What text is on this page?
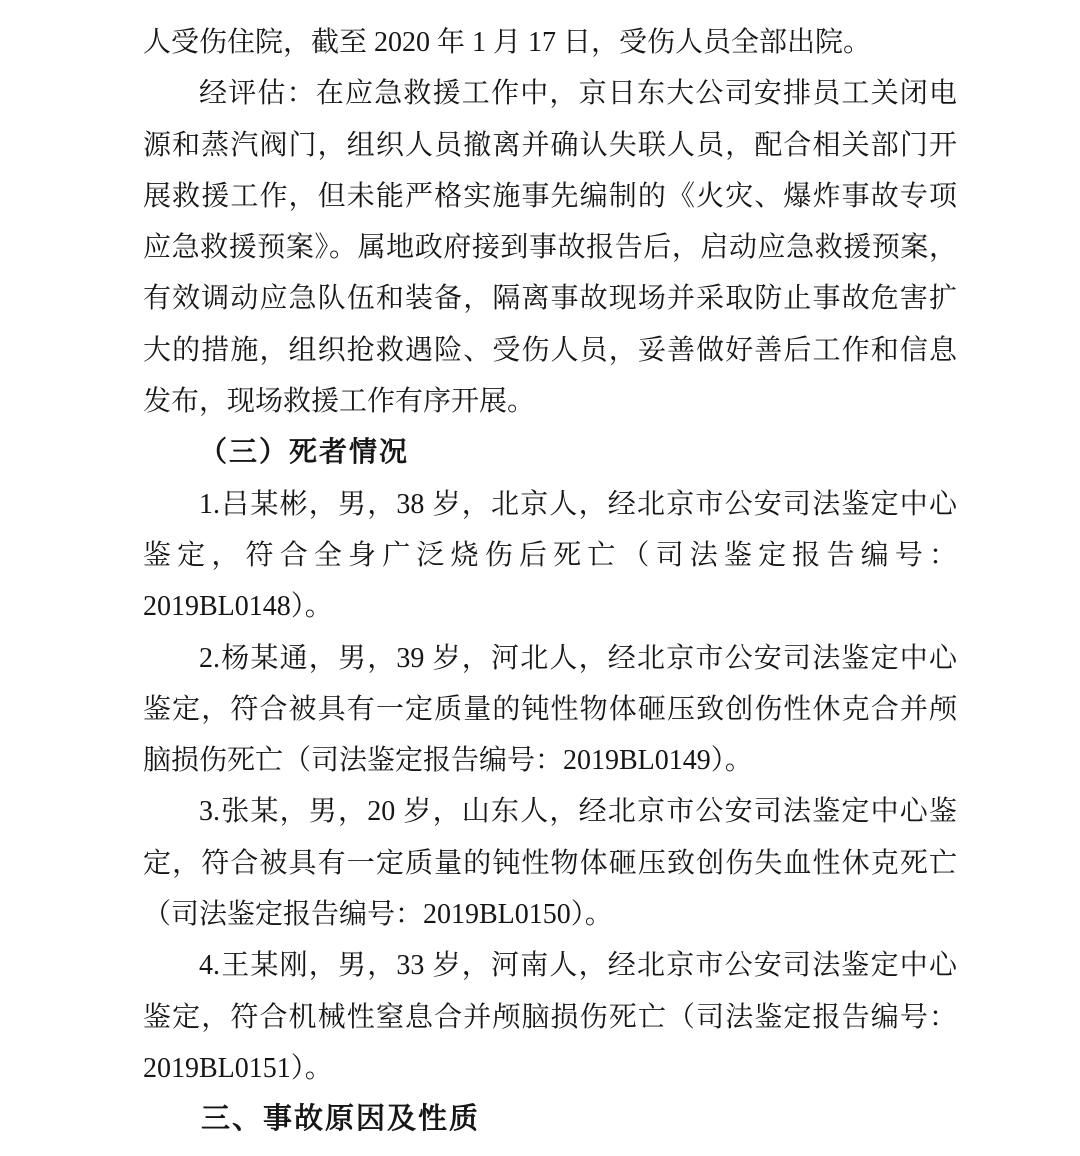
人受伤住院，截至 2020 年 1 月 17 日，受伤人员全部出院。
经评估：在应急救援工作中，京日东大公司安排员工关闭电
源和蒸汽阀门，组织人员撤离并确认失联人员，配合相关部门开
展救援工作，但未能严格实施事先编制的《火灾、爆炸事故专项
应急救援预案》。属地政府接到事故报告后，启动应急救援预案，
有效调动应急队伍和装备，隔离事故现场并采取防止事故危害扩
大的措施，组织抢救遇险、受伤人员，妥善做好善后工作和信息
发布，现场救援工作有序开展。
（三）死者情况
1.吕某彬，男，38 岁，北京人，经北京市公安司法鉴定中心
鉴定，符合全身广泛烧伤后死亡（司法鉴定报告编号：
2019BL0148）。
2.杨某通，男，39 岁，河北人，经北京市公安司法鉴定中心
鉴定，符合被具有一定质量的钝性物体砸压致创伤性休克合并颅
脑损伤死亡（司法鉴定报告编号：2019BL0149）。
3.张某，男，20 岁，山东人，经北京市公安司法鉴定中心鉴
定，符合被具有一定质量的钝性物体砸压致创伤失血性休克死亡
（司法鉴定报告编号：2019BL0150）。
4.王某刚，男，33 岁，河南人，经北京市公安司法鉴定中心
鉴定，符合机械性窒息合并颅脑损伤死亡（司法鉴定报告编号：
2019BL0151）。
三、事故原因及性质
